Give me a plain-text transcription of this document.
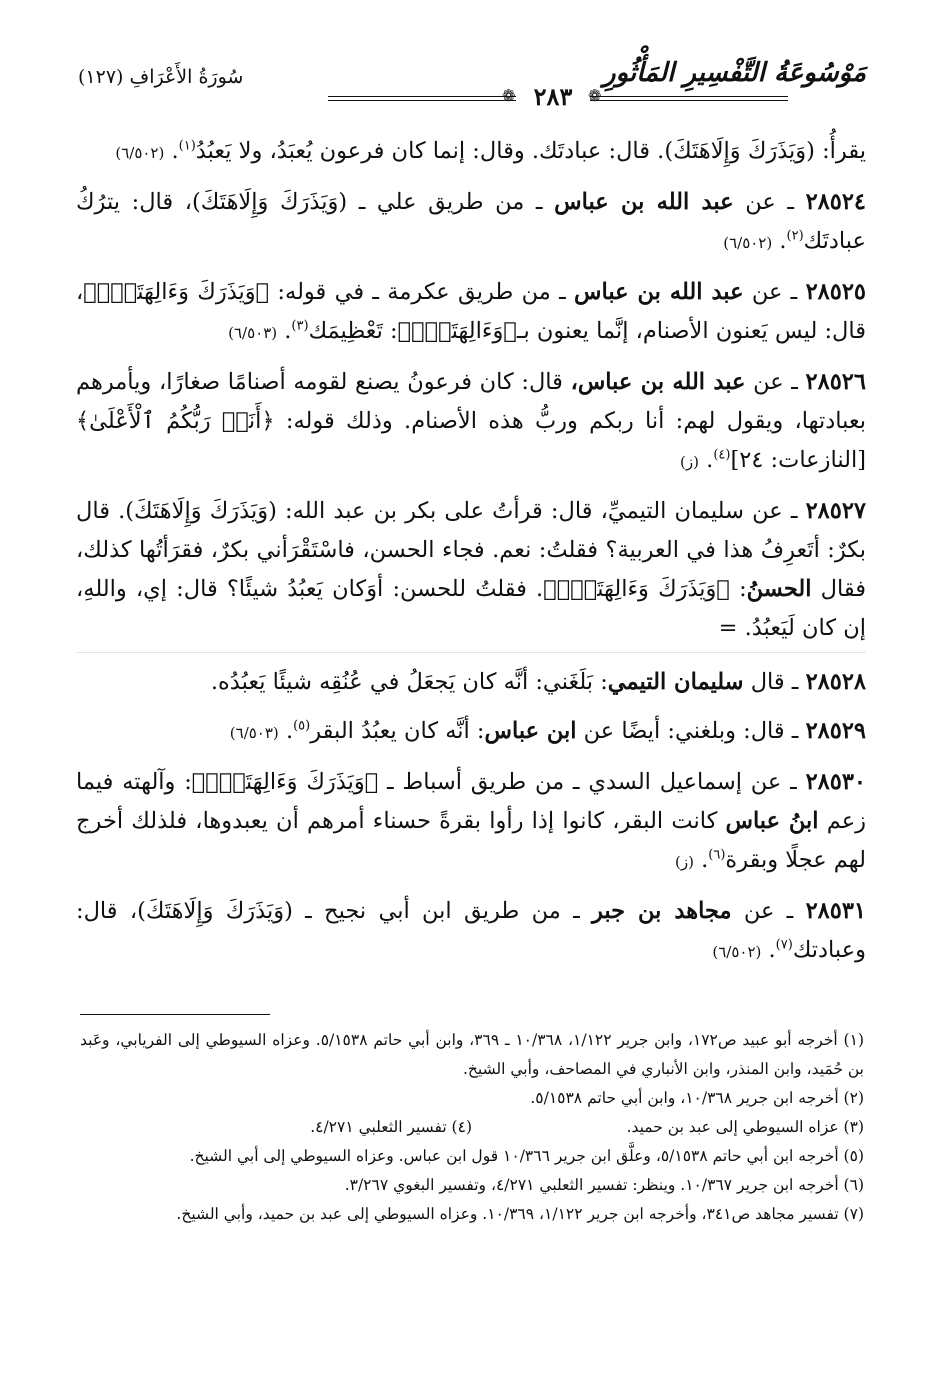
سُورَةُ الأَعْرَافِ (١٢٧)	مَوْسُوعَةُ التَّفْسِيرِ المَأْثُورِ
❁ ٢٨٣ ❁

يقرأُ: (وَيَذَرَكَ وَإِلَاهَتَكَ). قال: عبادتَك. وقال: إنما كان فرعون يُعبَدُ، ولا يَعبُدُ$^{(١)}$. (٦/٥٠٢)

٢٨٥٢٤ ـ عن عبد الله بن عباس ـ من طريق علي ـ (وَيَذَرَكَ وَإِلَاهَتَكَ)، قال: يترُكُ عبادتَك$^{(٢)}$. (٦/٥٠٢)

٢٨٥٢٥ ـ عن عبد الله بن عباس ـ من طريق عكرمة ـ في قوله: ﴿وَيَذَرَكَ وَءَالِهَتَكَۚ﴾، قال: ليس يَعنون الأصنام، إنَّما يعنون بـ﴿وَءَالِهَتَكَۚ﴾: تَعْظِيمَك$^{(٣)}$. (٦/٥٠٣)

٢٨٥٢٦ ـ عن عبد الله بن عباس، قال: كان فرعونُ يصنع لقومه أصنامًا صغارًا، ويأمرهم بعبادتها، ويقول لهم: أنا ربكم وربُّ هذه الأصنام. وذلك قوله: ﴿أَنَا۠ رَبُّكُمُ ٱلْأَعْلَىٰ﴾ [النازعات: ٢٤]$^{(٤)}$. (ز)

٢٨٥٢٧ ـ عن سليمان التيميِّ، قال: قرأتُ على بكر بن عبد الله: (وَيَذَرَكَ وَإِلَاهَتَكَ). قال بكرٌ: أتَعرِفُ هذا في العربية؟ فقلتُ: نعم. فجاء الحسن، فاسْتَقْرَأني بكرٌ، فقرَأتُها كذلك، فقال الحسنُ: ﴿وَيَذَرَكَ وَءَالِهَتَكَۚ﴾. فقلتُ للحسن: أوَكان يَعبُدُ شيئًا؟ قال: إي، واللهِ، إن كان لَيَعبُدُ. =

٢٨٥٢٨ ـ قال سليمان التيمي: بَلَغَني: أنَّه كان يَجعَلُ في عُنُقِه شيئًا يَعبُدُه.

٢٨٥٢٩ ـ قال: وبلغني: أيضًا عن ابن عباس: أنَّه كان يعبُدُ البقر$^{(٥)}$. (٦/٥٠٣)

٢٨٥٣٠ ـ عن إسماعيل السدي ـ من طريق أسباط ـ ﴿وَيَذَرَكَ وَءَالِهَتَكَۚ﴾: وآلهته فيما زعم ابنُ عباس كانت البقر، كانوا إذا رأوا بقرةً حسناء أمرهم أن يعبدوها، فلذلك أخرج لهم عجلًا وبقرة$^{(٦)}$. (ز)

٢٨٥٣١ ـ عن مجاهد بن جبر ـ من طريق ابن أبي نجيح ـ (وَيَذَرَكَ وَإِلَاهَتَكَ)، قال: وعبادتك$^{(٧)}$. (٦/٥٠٢)

(١) أخرجه أبو عبيد ص١٧٢، وابن جرير ١/١٢٢، ١٠/٣٦٨ ـ ٣٦٩، وابن أبي حاتم ٥/١٥٣٨. وعزاه السيوطي إلى الفريابي، وعَبد بن حُمَيد، وابن المنذر، وابن الأنباري في المصاحف، وأبي الشيخ.

(٢) أخرجه ابن جرير ١٠/٣٦٨، وابن أبي حاتم ٥/١٥٣٨.

(٣) عزاه السيوطي إلى عبد بن حميد.

(٤) تفسير الثعلبي ٤/٢٧١.

(٥) أخرجه ابن أبي حاتم ٥/١٥٣٨، وعلَّق ابن جرير ١٠/٣٦٦ قول ابن عباس. وعزاه السيوطي إلى أبي الشيخ.

(٦) أخرجه ابن جرير ١٠/٣٦٧. وينظر: تفسير الثعلبي ٤/٢٧١، وتفسير البغوي ٣/٢٦٧.

(٧) تفسير مجاهد ص٣٤١، وأخرجه ابن جرير ١/١٢٢، ١٠/٣٦٩. وعزاه السيوطي إلى عبد بن حميد، وأبي الشيخ.
